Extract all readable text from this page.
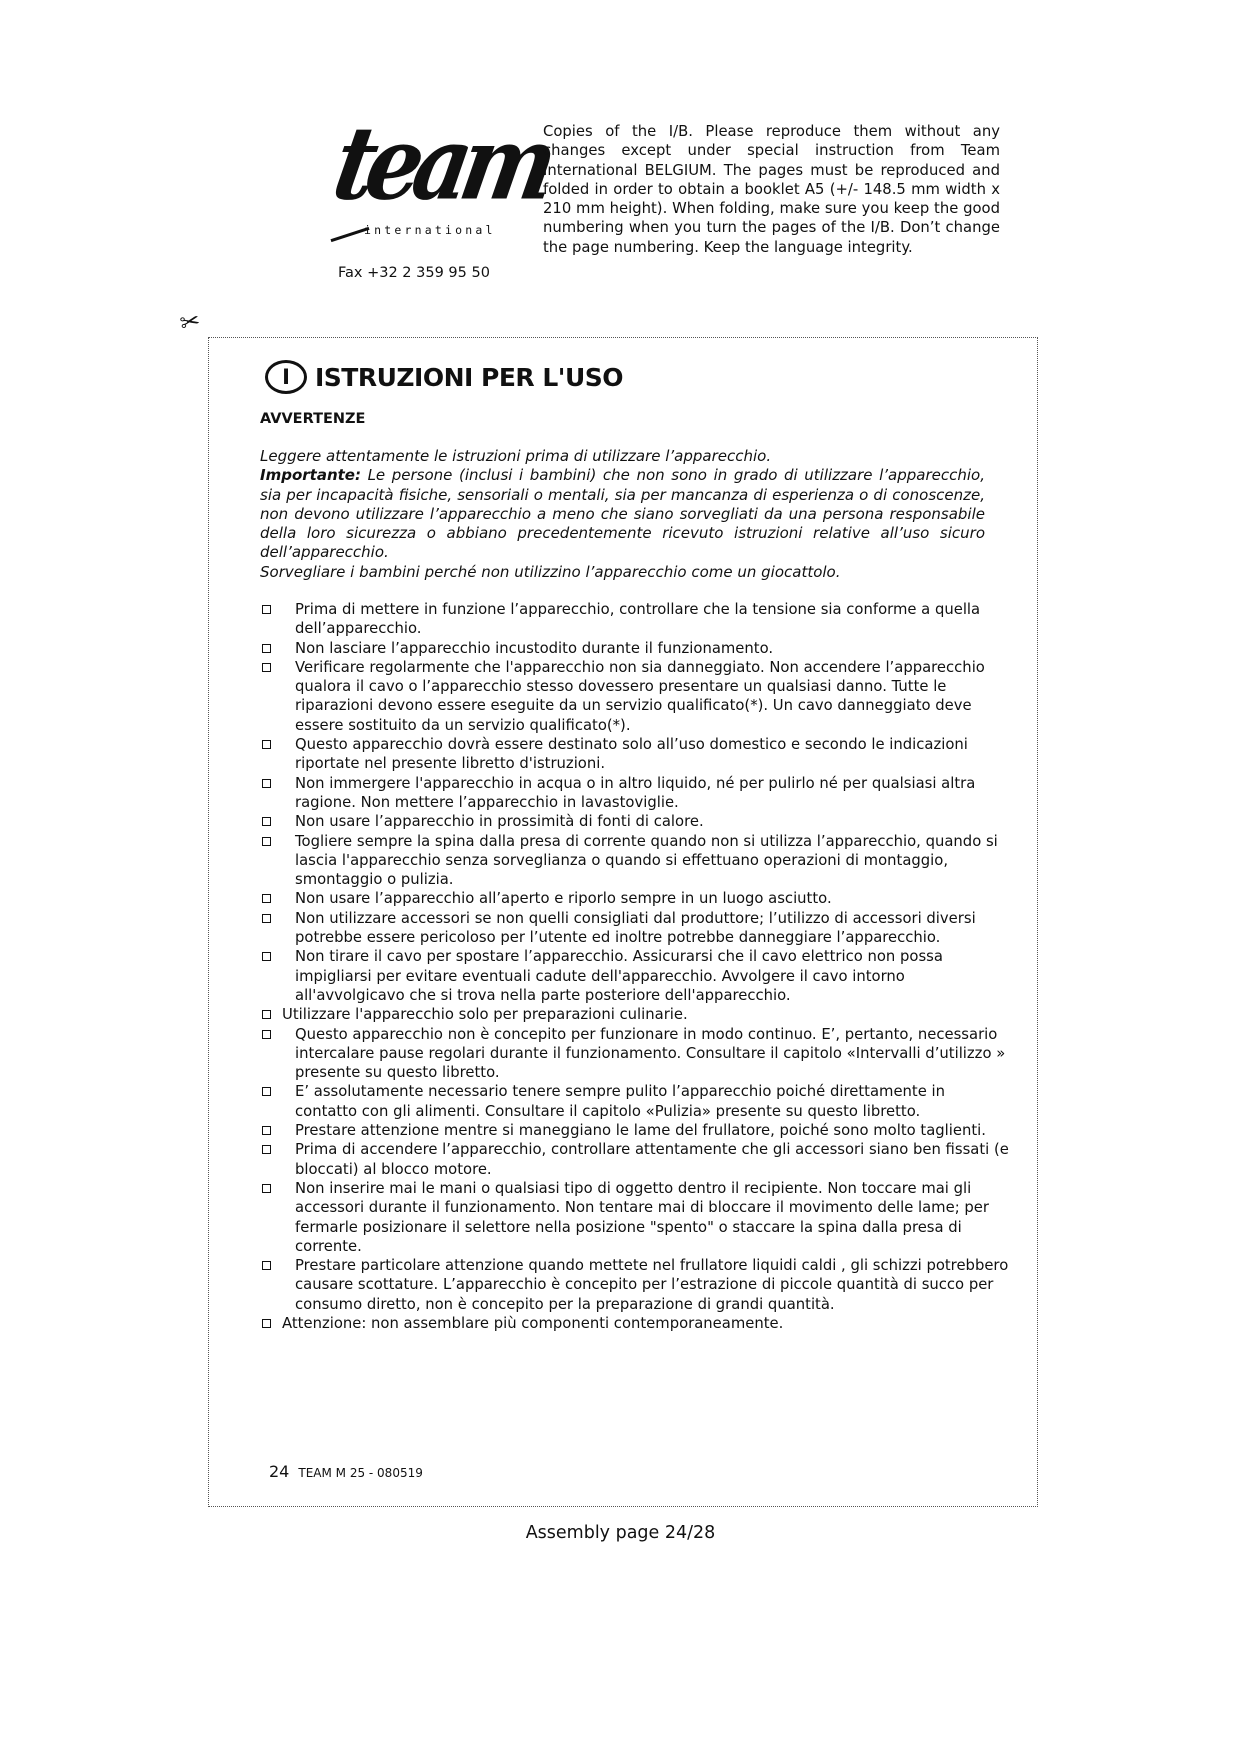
team
international
Fax +32 2 359 95 50

Copies of the I/B. Please reproduce them without any changes except under special instruction from Team International BELGIUM. The pages must be reproduced and folded in order to obtain a booklet A5 (+/- 148.5 mm width x 210 mm height). When folding, make sure you keep the good numbering when you turn the pages of the I/B. Don’t change the page numbering. Keep the language integrity.

✂
I	ISTRUZIONI PER L'USO
AVVERTENZE

Leggere attentamente le istruzioni prima di utilizzare l’apparecchio.

Importante: Le persone (inclusi i bambini) che non sono in grado di utilizzare l’apparecchio, sia per incapacità fisiche, sensoriali o mentali, sia per mancanza di esperienza o di conoscenze, non devono utilizzare l’apparecchio a meno che siano sorvegliati da una persona responsabile della loro sicurezza o abbiano precedentemente ricevuto istruzioni relative all’uso sicuro dell’apparecchio.

Sorvegliare i bambini perché non utilizzino l’apparecchio come un giocattolo.

Prima di mettere in funzione l’apparecchio, controllare che la tensione sia conforme a quella dell’apparecchio.
Non lasciare l’apparecchio incustodito durante il funzionamento.
Verificare regolarmente che l'apparecchio non sia danneggiato. Non accendere l’apparecchio qualora il cavo o l’apparecchio stesso dovessero presentare un qualsiasi danno. Tutte le riparazioni devono essere eseguite da un servizio qualificato(*). Un cavo danneggiato deve essere sostituito da un servizio qualificato(*).
Questo apparecchio dovrà essere destinato solo all’uso domestico e secondo le indicazioni riportate nel presente libretto d'istruzioni.
Non immergere l'apparecchio in acqua o in altro liquido, né per pulirlo né per qualsiasi altra ragione. Non mettere l’apparecchio in lavastoviglie.
Non usare l’apparecchio in prossimità di fonti di calore.
Togliere sempre la spina dalla presa di corrente quando non si utilizza l’apparecchio, quando si lascia l'apparecchio senza sorveglianza o quando si effettuano operazioni di montaggio, smontaggio o pulizia.
Non usare l’apparecchio all’aperto e riporlo sempre in un luogo asciutto.
Non utilizzare accessori se non quelli consigliati dal produttore; l’utilizzo di accessori diversi potrebbe essere pericoloso per l’utente ed inoltre potrebbe danneggiare l’apparecchio.
Non tirare il cavo per spostare l’apparecchio. Assicurarsi che il cavo elettrico non possa impigliarsi per evitare eventuali cadute dell'apparecchio. Avvolgere il cavo intorno all'avvolgicavo che si trova nella parte posteriore dell'apparecchio.
Utilizzare l'apparecchio solo per preparazioni culinarie.
Questo apparecchio non è concepito per funzionare in modo continuo. E’, pertanto, necessario intercalare pause regolari durante il funzionamento. Consultare il capitolo «Intervalli d’utilizzo » presente su questo libretto.
E’ assolutamente necessario tenere sempre pulito l’apparecchio poiché direttamente in contatto con gli alimenti. Consultare il capitolo «Pulizia» presente su questo libretto.
Prestare attenzione mentre si maneggiano le lame del frullatore, poiché sono molto taglienti.
Prima di accendere l’apparecchio, controllare attentamente che gli accessori siano ben fissati (e bloccati) al blocco motore.
Non inserire mai le mani o qualsiasi tipo di oggetto dentro il recipiente. Non toccare mai gli accessori durante il funzionamento. Non tentare mai di bloccare il movimento delle lame; per fermarle posizionare il selettore nella posizione "spento" o staccare la spina dalla presa di corrente.
Prestare particolare attenzione quando mettete nel frullatore liquidi caldi , gli schizzi potrebbero causare scottature. L’apparecchio è concepito per l’estrazione di piccole quantità di succo per consumo diretto, non è concepito per la preparazione di grandi quantità.
Attenzione: non assemblare più componenti contemporaneamente.
24 TEAM M 25 - 080519
Assembly page 24/28
